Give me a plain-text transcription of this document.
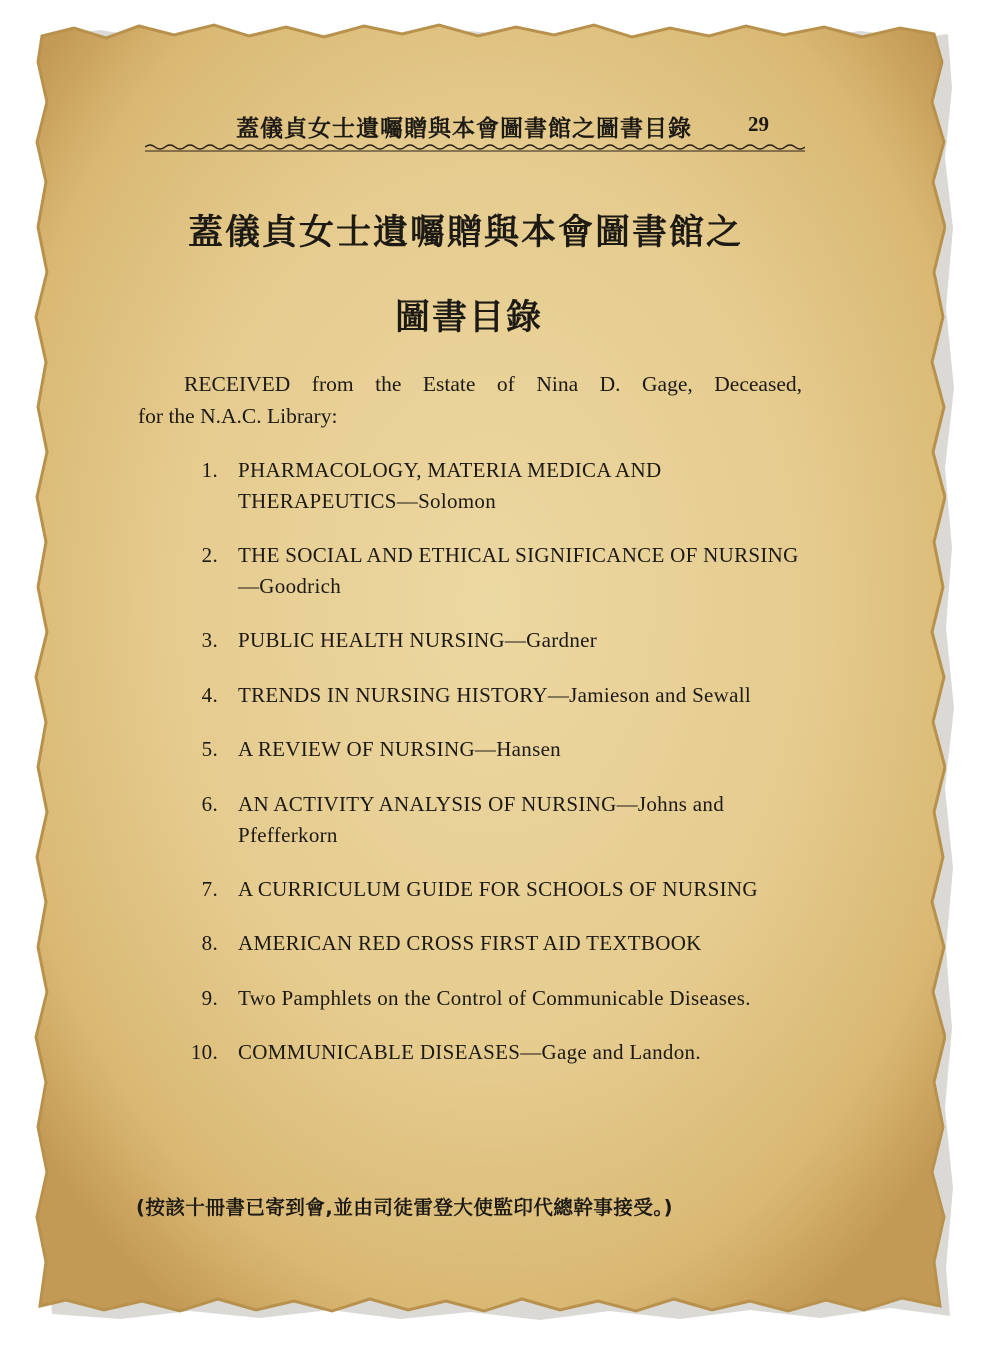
蓋儀貞女士遺囑贈與本會圖書館之圖書目錄	29
蓋儀貞女士遺囑贈與本會圖書館之
圖書目錄
RECEIVED from the Estate of Nina D. Gage, Deceased,
for the N.A.C. Library:
1. PHARMACOLOGY, MATERIA MEDICA AND THERAPEUTICS—Solomon
2. THE SOCIAL AND ETHICAL SIGNIFICANCE OF NURSING—Goodrich
3. PUBLIC HEALTH NURSING—Gardner
4. TRENDS IN NURSING HISTORY—Jamieson and Sewall
5. A REVIEW OF NURSING—Hansen
6. AN ACTIVITY ANALYSIS OF NURSING—Johns and Pfefferkorn
7. A CURRICULUM GUIDE FOR SCHOOLS OF NURSING
8. AMERICAN RED CROSS FIRST AID TEXTBOOK
9. Two Pamphlets on the Control of Communicable Diseases.
10. COMMUNICABLE DISEASES—Gage and Landon.
(按該十冊書已寄到會,並由司徒雷登大使監印代總幹事接受。)
